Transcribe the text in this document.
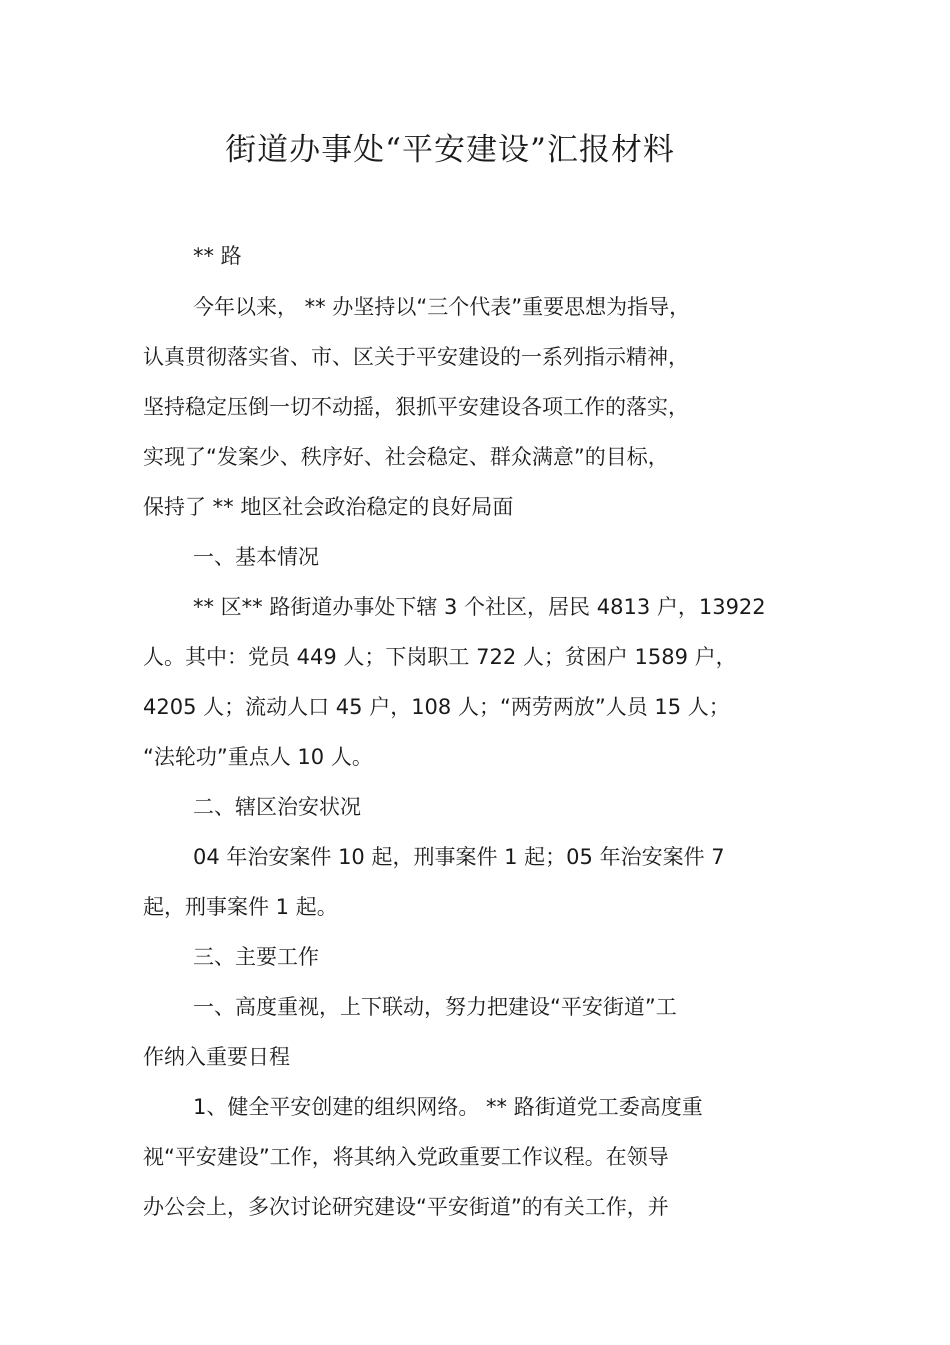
街道办事处“平安建设”汇报材料
** 路
今年以来， ** 办坚持以“三个代表”重要思想为指导，
认真贯彻落实省、市、区关于平安建设的一系列指示精神，
坚持稳定压倒一切不动摇，狠抓平安建设各项工作的落实，
实现了“发案少、秩序好、社会稳定、群众满意”的目标，
保持了 ** 地区社会政治稳定的良好局面
一、基本情况
** 区** 路街道办事处下辖 3 个社区，居民 4813 户，13922
人。其中：党员 449 人；下岗职工 722 人；贫困户 1589 户，
4205 人；流动人口 45 户，108 人；“两劳两放”人员 15 人；
“法轮功”重点人 10 人。
二、辖区治安状况
04 年治安案件 10 起，刑事案件 1 起；05 年治安案件 7
起，刑事案件 1 起。
三、主要工作
一、高度重视，上下联动，努力把建设“平安街道”工
作纳入重要日程
1、健全平安创建的组织网络。 ** 路街道党工委高度重
视“平安建设”工作，将其纳入党政重要工作议程。在领导
办公会上，多次讨论研究建设“平安街道”的有关工作，并
